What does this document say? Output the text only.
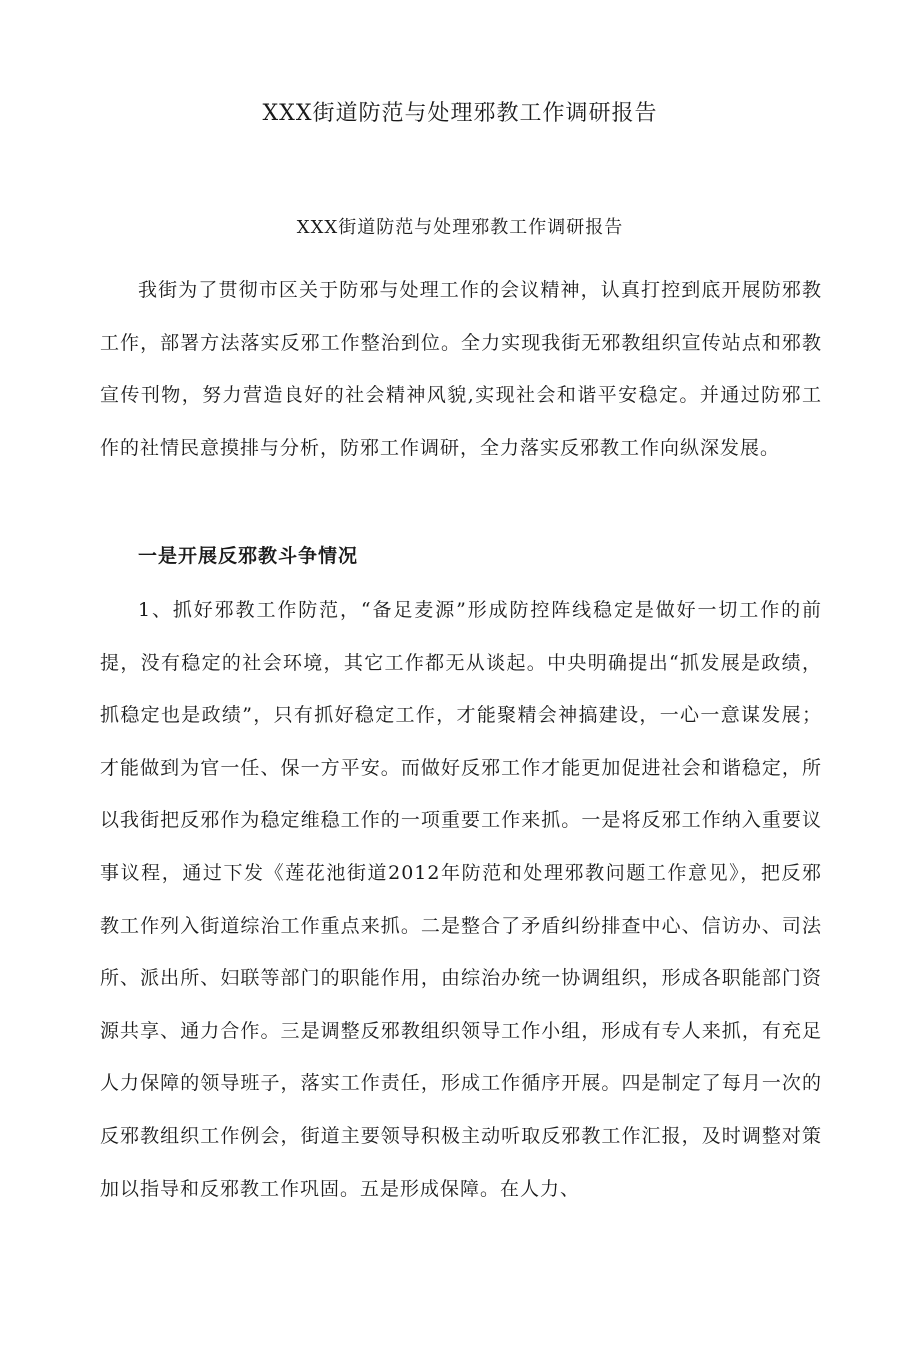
XXX街道防范与处理邪教工作调研报告
XXX街道防范与处理邪教工作调研报告

我街为了贯彻市区关于防邪与处理工作的会议精神，认真打控到底开展防邪教工作，部署方法落实反邪工作整治到位。全力实现我街无邪教组织宣传站点和邪教宣传刊物，努力营造良好的社会精神风貌,实现社会和谐平安稳定。并通过防邪工作的社情民意摸排与分析，防邪工作调研，全力落实反邪教工作向纵深发展。

一是开展反邪教斗争情况

1、抓好邪教工作防范，“备足麦源”形成防控阵线稳定是做好一切工作的前提，没有稳定的社会环境，其它工作都无从谈起。中央明确提出“抓发展是政绩，抓稳定也是政绩”，只有抓好稳定工作，才能聚精会神搞建设，一心一意谋发展；才能做到为官一任、保一方平安。而做好反邪工作才能更加促进社会和谐稳定，所以我街把反邪作为稳定维稳工作的一项重要工作来抓。一是将反邪工作纳入重要议事议程，通过下发《莲花池街道2012年防范和处理邪教问题工作意见》，把反邪教工作列入街道综治工作重点来抓。二是整合了矛盾纠纷排查中心、信访办、司法所、派出所、妇联等部门的职能作用，由综治办统一协调组织，形成各职能部门资源共享、通力合作。三是调整反邪教组织领导工作小组，形成有专人来抓，有充足人力保障的领导班子，落实工作责任，形成工作循序开展。四是制定了每月一次的反邪教组织工作例会，街道主要领导积极主动听取反邪教工作汇报，及时调整对策加以指导和反邪教工作巩固。五是形成保障。在人力、
